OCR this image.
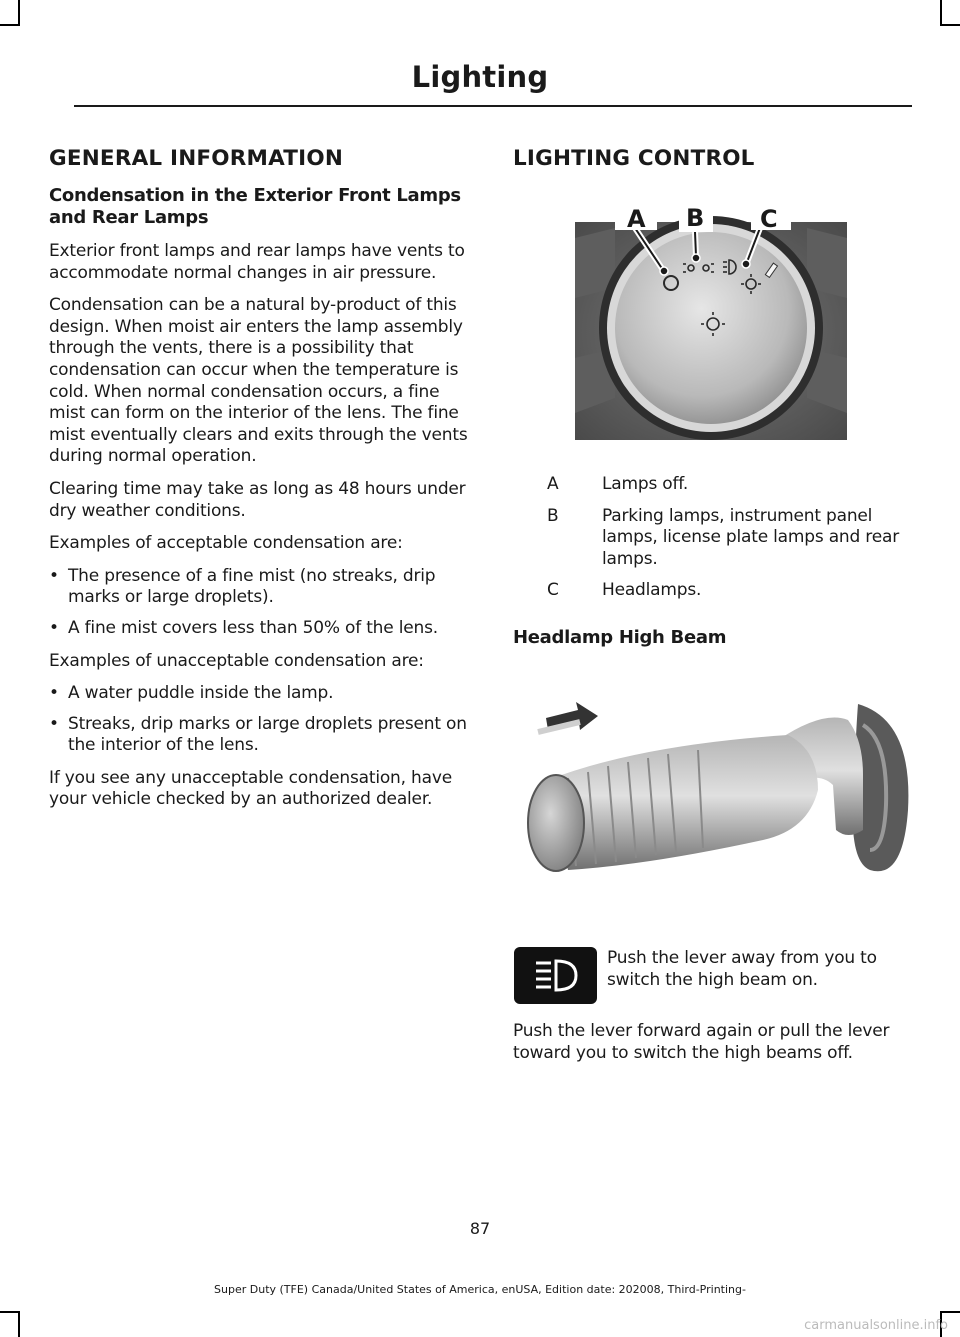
Lighting
GENERAL INFORMATION
Condensation in the Exterior Front Lamps and Rear Lamps

Exterior front lamps and rear lamps have vents to accommodate normal changes in air pressure.

Condensation can be a natural by-product of this design. When moist air enters the lamp assembly through the vents, there is a possibility that condensation can occur when the temperature is cold. When normal condensation occurs, a fine mist can form on the interior of the lens. The fine mist eventually clears and exits through the vents during normal operation.

Clearing time may take as long as 48 hours under dry weather conditions.

Examples of acceptable condensation are:

• The presence of a fine mist (no streaks, drip marks or large droplets).
• A fine mist covers less than 50% of the lens.

Examples of unacceptable condensation are:

• A water puddle inside the lamp.
• Streaks, drip marks or large droplets present on the interior of the lens.

If you see any unacceptable condensation, have your vehicle checked by an authorized dealer.

LIGHTING CONTROL
A B C
A	Lamps off.
B	Parking lamps, instrument panel lamps, license plate lamps and rear lamps.
C	Headlamps.
Headlamp High Beam

Push the lever away from you to switch the high beam on.

Push the lever forward again or pull the lever toward you to switch the high beams off.

87
Super Duty (TFE) Canada/United States of America, enUSA, Edition date: 202008, Third-Printing-
carmanualsonline.info
